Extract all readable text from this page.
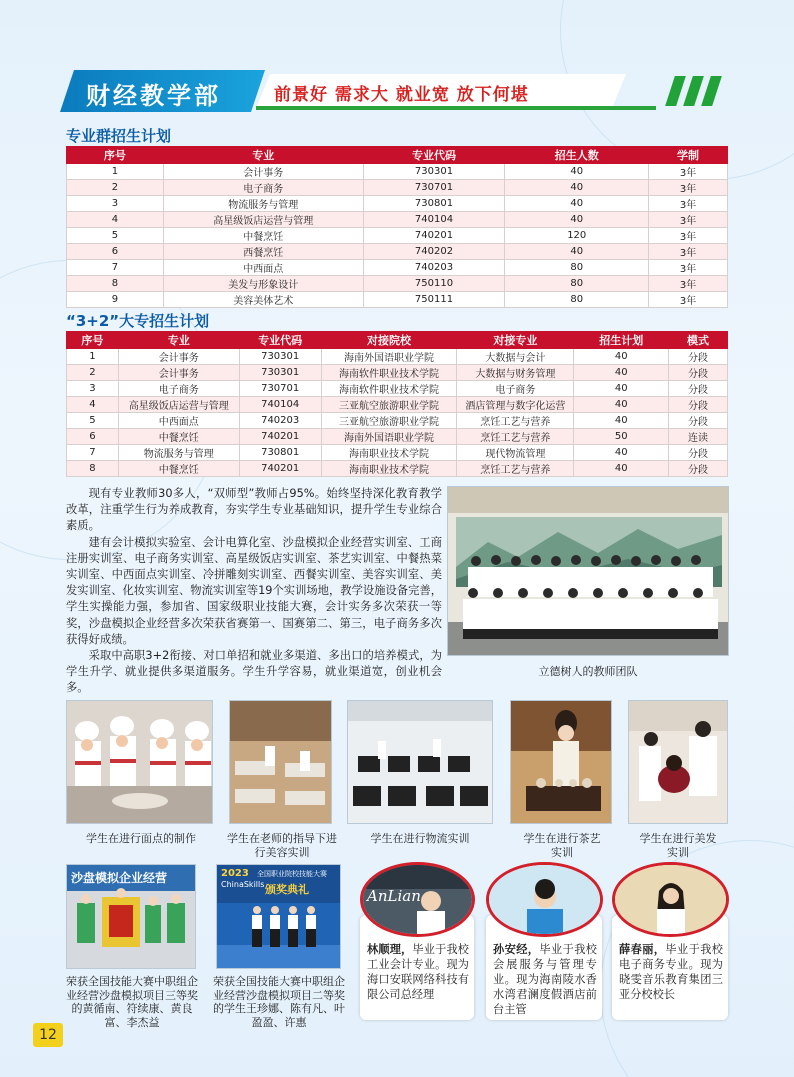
财经教学部	前景好 需求大 就业宽 放下何堪
专业群招生计划
序号	专业	专业代码	招生人数	学制
1	会计事务	730301	40	3年
2	电子商务	730701	40	3年
3	物流服务与管理	730801	40	3年
4	高星级饭店运营与管理	740104	40	3年
5	中餐烹饪	740201	120	3年
6	西餐烹饪	740202	40	3年
7	中西面点	740203	80	3年
8	美发与形象设计	750110	80	3年
9	美容美体艺术	750111	80	3年
“3+2”大专招生计划
序号	专业	专业代码	对接院校	对接专业	招生计划	模式
1	会计事务	730301	海南外国语职业学院	大数据与会计	40	分段
2	会计事务	730301	海南软件职业技术学院	大数据与财务管理	40	分段
3	电子商务	730701	海南软件职业技术学院	电子商务	40	分段
4	高星级饭店运营与管理	740104	三亚航空旅游职业学院	酒店管理与数字化运营	40	分段
5	中西面点	740203	三亚航空旅游职业学院	烹饪工艺与营养	40	分段
6	中餐烹饪	740201	海南外国语职业学院	烹饪工艺与营养	50	连读
7	物流服务与管理	730801	海南职业技术学院	现代物流管理	40	分段
8	中餐烹饪	740201	海南职业技术学院	烹饪工艺与营养	40	分段

现有专业教师30多人，“双师型”教师占95%。始终坚持深化教育教学改革，注重学生行为养成教育，夯实学生专业基础知识，提升学生专业综合素质。

建有会计模拟实验室、会计电算化室、沙盘模拟企业经营实训室、工商注册实训室、电子商务实训室、高星级饭店实训室、茶艺实训室、中餐热菜实训室、中西面点实训室、冷拼雕刻实训室、西餐实训室、美容实训室、美发实训室、化妆实训室、物流实训室等19个实训场地，教学设施设备完善，学生实操能力强，参加省、国家级职业技能大赛，会计实务多次荣获一等奖，沙盘模拟企业经营多次荣获省赛第一、国赛第二、第三，电子商务多次获得好成绩。

采取中高职3+2衔接、对口单招和就业多渠道、多出口的培养模式，为学生升学、就业提供多渠道服务。学生升学容易，就业渠道宽，创业机会多。

立德树人的教师团队
学生在进行面点的制作	学生在老师的指导下进行美容实训
学生在进行物流实训	学生在进行茶艺实训
学生在进行美发实训
沙盘模拟企业经营	2023
ChinaSkills
全国职业院校技能大赛
颁奖典礼
荣获全国技能大赛中职组企业经营沙盘模拟项目三等奖的黄循南、符续康、黄良富、李杰益
荣获全国技能大赛中职组企业经营沙盘模拟项目二等奖的学生王珍娜、陈有凡、叶盈盈、许惠
AnLian
林顺理，毕业于我校工业会计专业。现为海口安联网络科技有限公司总经理
孙安经，毕业于我校会展服务与管理专业。现为海南陵水香水湾君澜度假酒店前台主管
薛春丽，毕业于我校电子商务专业。现为晓雯音乐教育集团三亚分校校长
12
